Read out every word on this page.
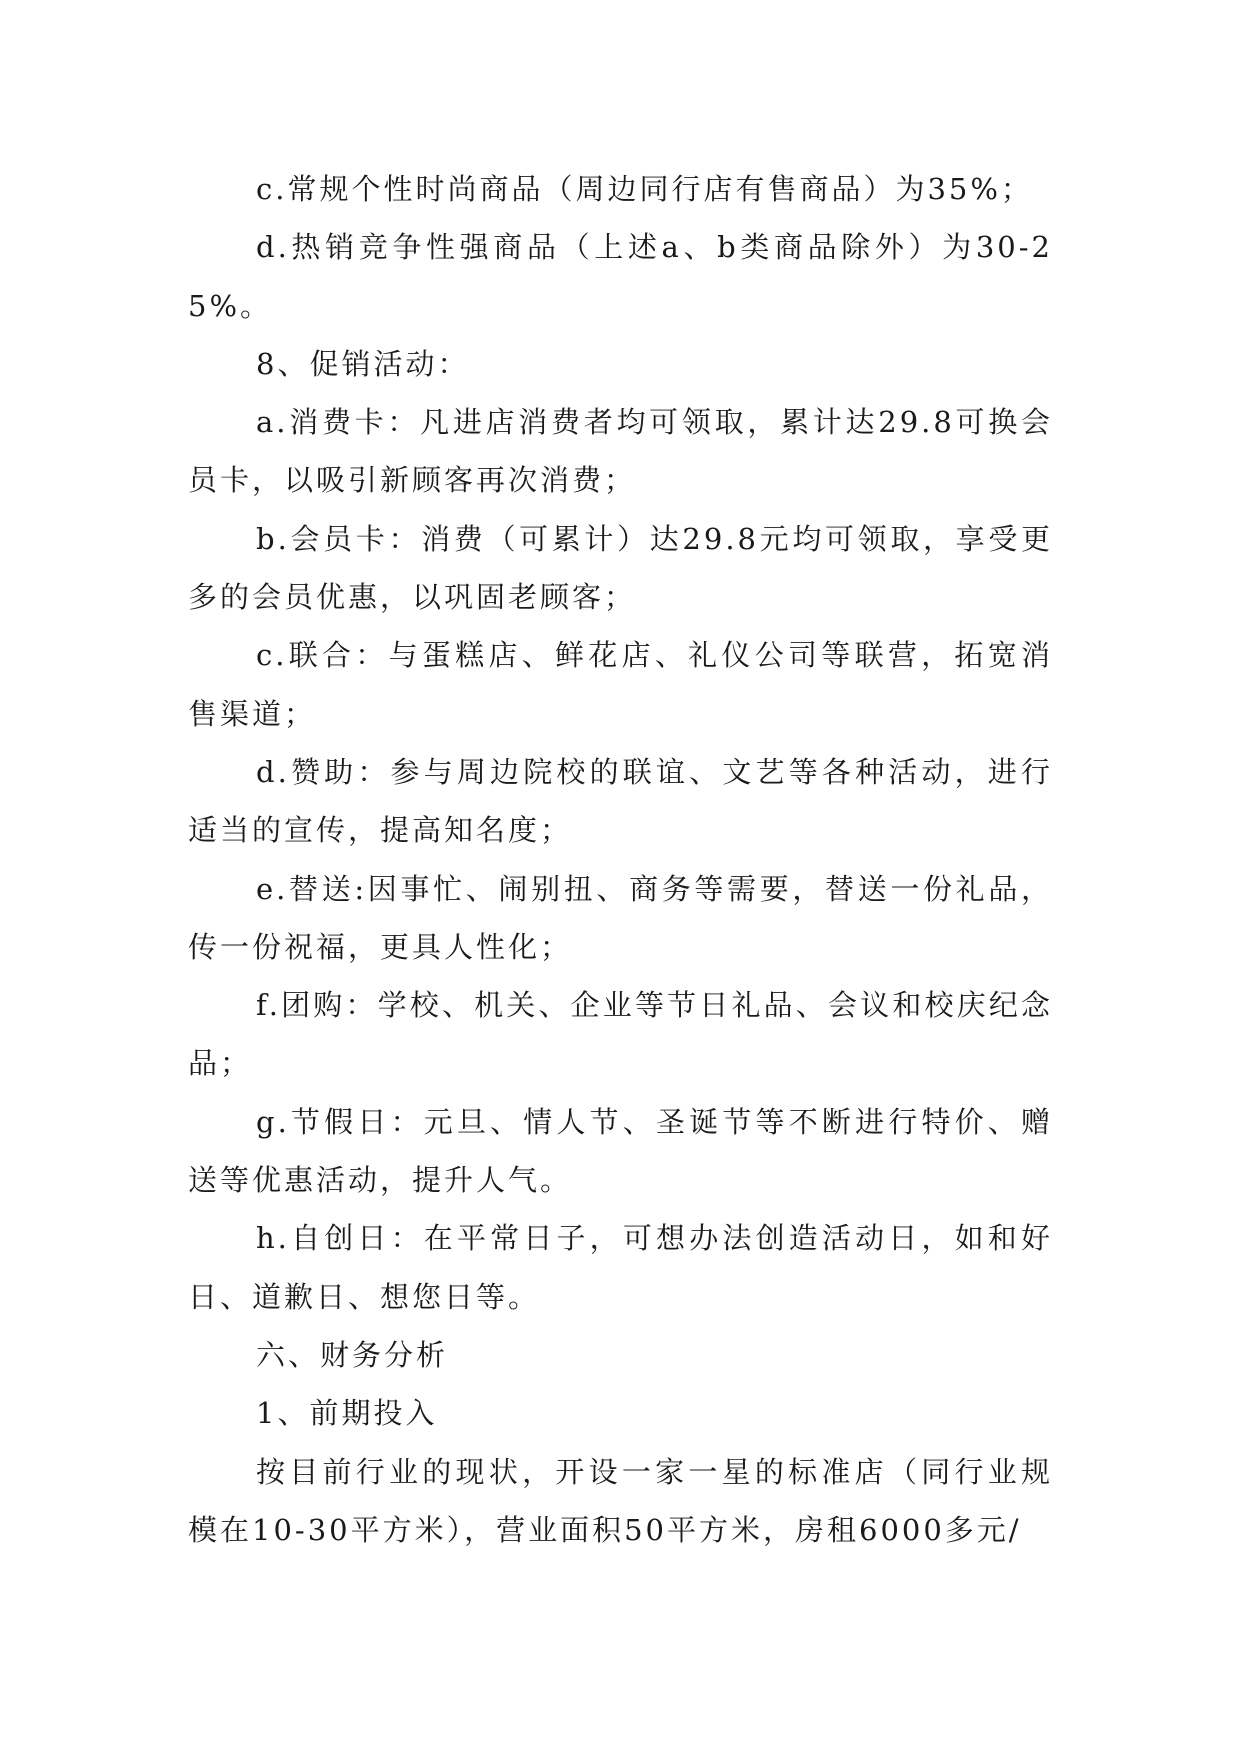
c.常规个性时尚商品（周边同行店有售商品）为35%；

d.热销竞争性强商品（上述a、b类商品除外）为30-25%。

8、促销活动：

a.消费卡：凡进店消费者均可领取，累计达29.8可换会员卡，以吸引新顾客再次消费；

b.会员卡：消费（可累计）达29.8元均可领取，享受更多的会员优惠，以巩固老顾客；

c.联合：与蛋糕店、鲜花店、礼仪公司等联营，拓宽消售渠道；

d.赞助：参与周边院校的联谊、文艺等各种活动，进行适当的宣传，提高知名度；

e.替送:因事忙、闹别扭、商务等需要，替送一份礼品，传一份祝福，更具人性化；

f.团购：学校、机关、企业等节日礼品、会议和校庆纪念品；

g.节假日：元旦、情人节、圣诞节等不断进行特价、赠送等优惠活动，提升人气。

h.自创日：在平常日子，可想办法创造活动日，如和好日、道歉日、想您日等。

六、财务分析

1、前期投入

按目前行业的现状，开设一家一星的标准店（同行业规模在10-30平方米），营业面积50平方米，房租6000多元/
